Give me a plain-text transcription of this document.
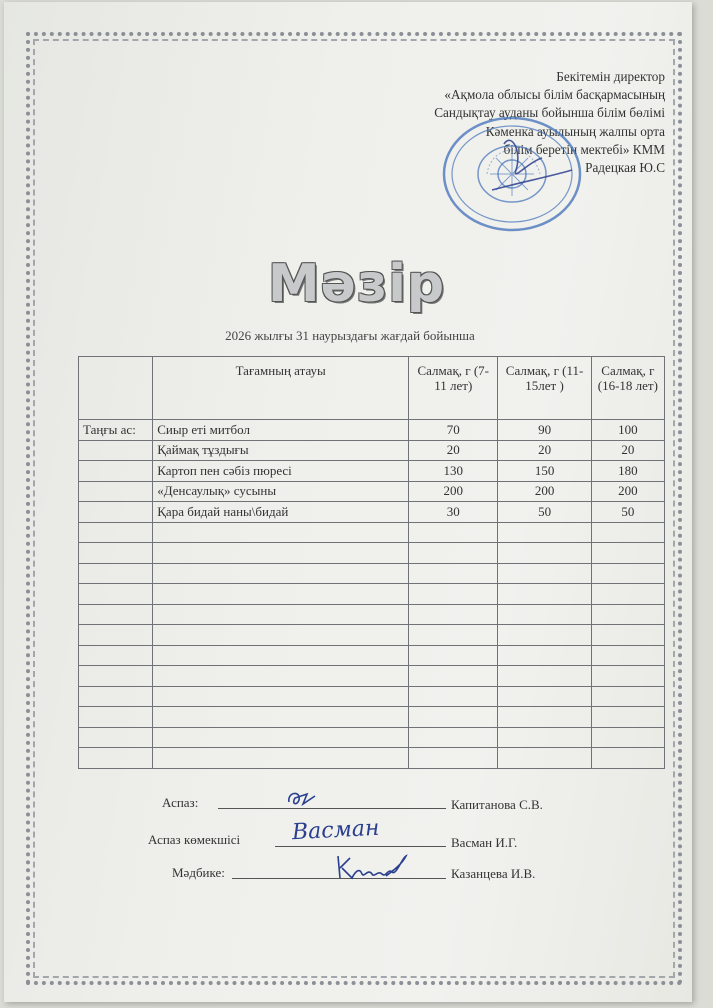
Бекітемін директор
«Ақмола облысы білім басқармасының
Сандықтау ауданы бойынша білім бөлімі
Кәменка ауылының жалпы орта
білім беретін мектебі» КММ
Радецкая Ю.С
Мәзір
2026 жылғы 31 наурыздағы жағдай бойынша
	Тағамның атауы	Салмақ, г (7-11 лет)	Салмақ, г (11-15лет )	Салмақ, г (16-18 лет)
Таңғы ас:	Сиыр еті митбол	70	90	100
	Қаймақ тұздығы	20	20	20
	Картоп пен сәбіз пюресі	130	150	180
	«Денсаулық» сусыны	200	200	200
	Қара бидай наны\бидай	30	50	50

Аспаз:	Капитанова С.В.
Аспаз көмекшісі Васман	Васман И.Г.
Мәдбике:	Казанцева И.В.
